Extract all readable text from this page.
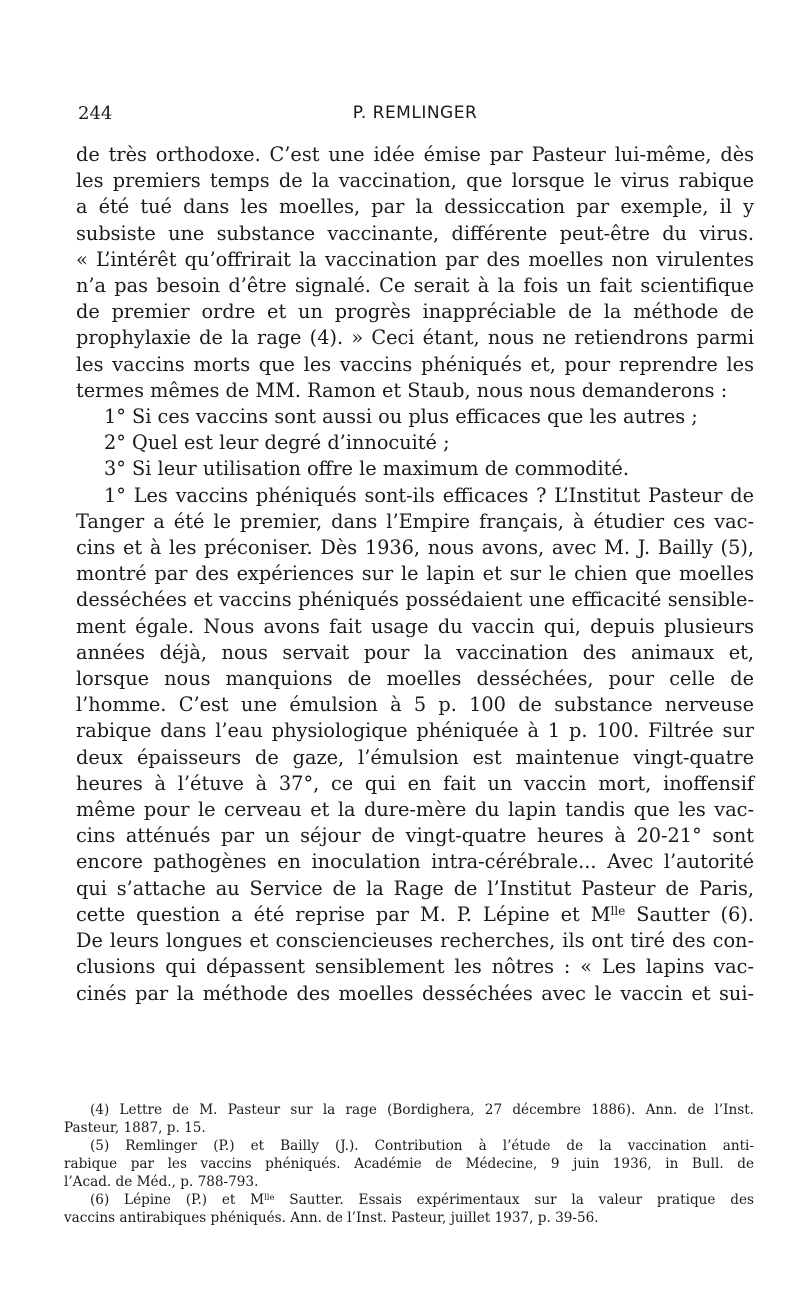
244	P. REMLINGER
de très orthodoxe. C’est une idée émise par Pasteur lui-même, dès
les premiers temps de la vaccination, que lorsque le virus rabique
a été tué dans les moelles, par la dessiccation par exemple, il y
subsiste une substance vaccinante, différente peut-être du virus.
« L’intérêt qu’offrirait la vaccination par des moelles non virulentes
n’a pas besoin d’être signalé. Ce serait à la fois un fait scientifique
de premier ordre et un progrès inappréciable de la méthode de
prophylaxie de la rage (4). » Ceci étant, nous ne retiendrons parmi
les vaccins morts que les vaccins phéniqués et, pour reprendre les
termes mêmes de MM. Ramon et Staub, nous nous demanderons :
1° Si ces vaccins sont aussi ou plus efficaces que les autres ;
2° Quel est leur degré d’innocuité ;
3° Si leur utilisation offre le maximum de commodité.
1° Les vaccins phéniqués sont-ils efficaces ? L’Institut Pasteur de
Tanger a été le premier, dans l’Empire français, à étudier ces vac-
cins et à les préconiser. Dès 1936, nous avons, avec M. J. Bailly (5),
montré par des expériences sur le lapin et sur le chien que moelles
desséchées et vaccins phéniqués possédaient une efficacité sensible-
ment égale. Nous avons fait usage du vaccin qui, depuis plusieurs
années déjà, nous servait pour la vaccination des animaux et,
lorsque nous manquions de moelles desséchées, pour celle de
l’homme. C’est une émulsion à 5 p. 100 de substance nerveuse
rabique dans l’eau physiologique phéniquée à 1 p. 100. Filtrée sur
deux épaisseurs de gaze, l’émulsion est maintenue vingt-quatre
heures à l’étuve à 37°, ce qui en fait un vaccin mort, inoffensif
même pour le cerveau et la dure-mère du lapin tandis que les vac-
cins atténués par un séjour de vingt-quatre heures à 20-21° sont
encore pathogènes en inoculation intra-cérébrale... Avec l’autorité
qui s’attache au Service de la Rage de l’Institut Pasteur de Paris,
cette question a été reprise par M. P. Lépine et $M^{lle}$ Sautter (6).
De leurs longues et consciencieuses recherches, ils ont tiré des con-
clusions qui dépassent sensiblement les nôtres : « Les lapins vac-
cinés par la méthode des moelles desséchées avec le vaccin et sui-
(4) Lettre de M. Pasteur sur la rage (Bordighera, 27 décembre 1886). Ann. de l’Inst.
Pasteur, 1887, p. 15.
(5) Remlinger (P.) et Bailly (J.). Contribution à l’étude de la vaccination anti-
rabique par les vaccins phéniqués. Académie de Médecine, 9 juin 1936, in Bull. de
l’Acad. de Méd., p. 788-793.
(6) Lépine (P.) et $M^{lle}$ Sautter. Essais expérimentaux sur la valeur pratique des
vaccins antirabiques phéniqués. Ann. de l’Inst. Pasteur, juillet 1937, p. 39-56.
